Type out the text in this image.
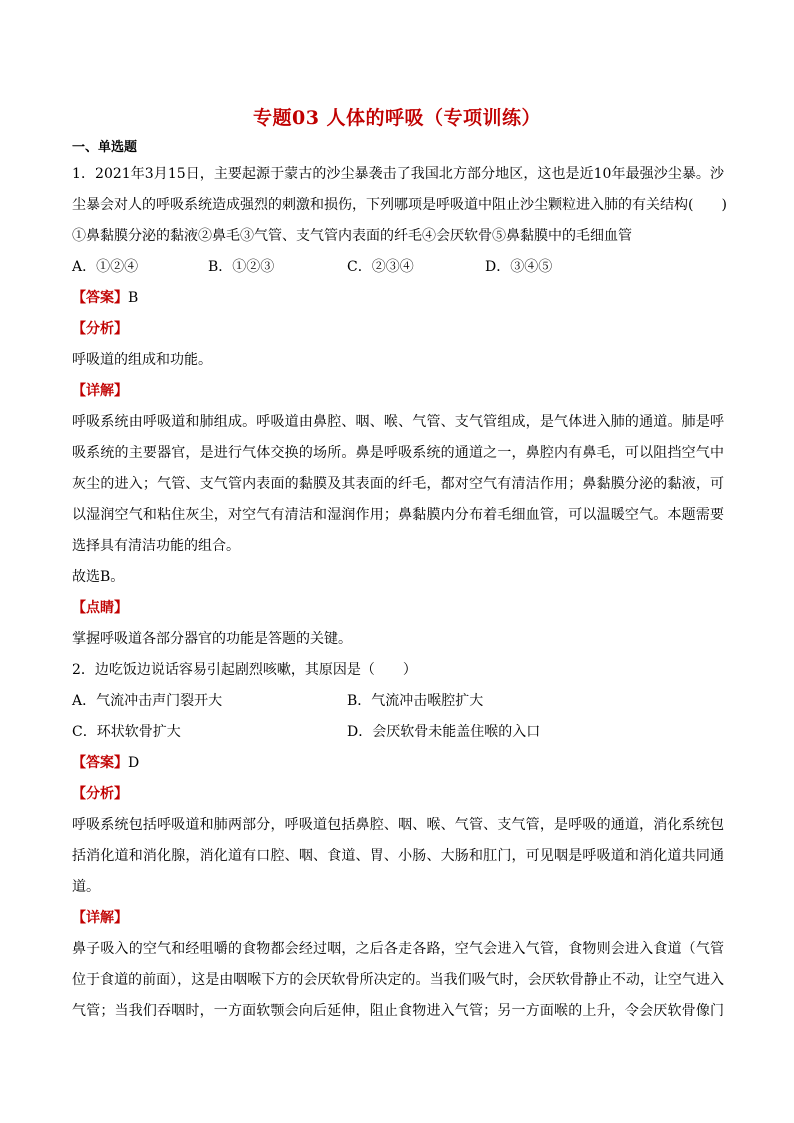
专题03 人体的呼吸（专项训练）
一、单选题
1．2021年3月15日，主要起源于蒙古的沙尘暴袭击了我国北方部分地区，这也是近10年最强沙尘暴。沙
尘暴会对人的呼吸系统造成强烈的刺激和损伤，下列哪项是呼吸道中阻止沙尘颗粒进入肺的有关结构(　　)
①鼻黏膜分泌的黏液②鼻毛③气管、支气管内表面的纤毛④会厌软骨⑤鼻黏膜中的毛细血管
A．①②④	B．①②③	C．②③④	D．③④⑤
【答案】B
【分析】
呼吸道的组成和功能。
【详解】
呼吸系统由呼吸道和肺组成。呼吸道由鼻腔、咽、喉、气管、支气管组成，是气体进入肺的通道。肺是呼
吸系统的主要器官，是进行气体交换的场所。鼻是呼吸系统的通道之一，鼻腔内有鼻毛，可以阻挡空气中
灰尘的进入；气管、支气管内表面的黏膜及其表面的纤毛，都对空气有清洁作用；鼻黏膜分泌的黏液，可
以湿润空气和粘住灰尘，对空气有清洁和湿润作用；鼻黏膜内分布着毛细血管，可以温暖空气。本题需要
选择具有清洁功能的组合。
故选B。
【点睛】
掌握呼吸道各部分器官的功能是答题的关键。
2．边吃饭边说话容易引起剧烈咳嗽，其原因是（　　）
A．气流冲击声门裂开大	B．气流冲击喉腔扩大
C．环状软骨扩大	D．会厌软骨未能盖住喉的入口
【答案】D
【分析】
呼吸系统包括呼吸道和肺两部分，呼吸道包括鼻腔、咽、喉、气管、支气管，是呼吸的通道，消化系统包
括消化道和消化腺，消化道有口腔、咽、食道、胃、小肠、大肠和肛门，可见咽是呼吸道和消化道共同通
道。
【详解】
鼻子吸入的空气和经咀嚼的食物都会经过咽，之后各走各路，空气会进入气管，食物则会进入食道（气管
位于食道的前面），这是由咽喉下方的会厌软骨所决定的。当我们吸气时，会厌软骨静止不动，让空气进入
气管；当我们吞咽时，一方面软颚会向后延伸，阻止食物进入气管；另一方面喉的上升，令会厌软骨像门
